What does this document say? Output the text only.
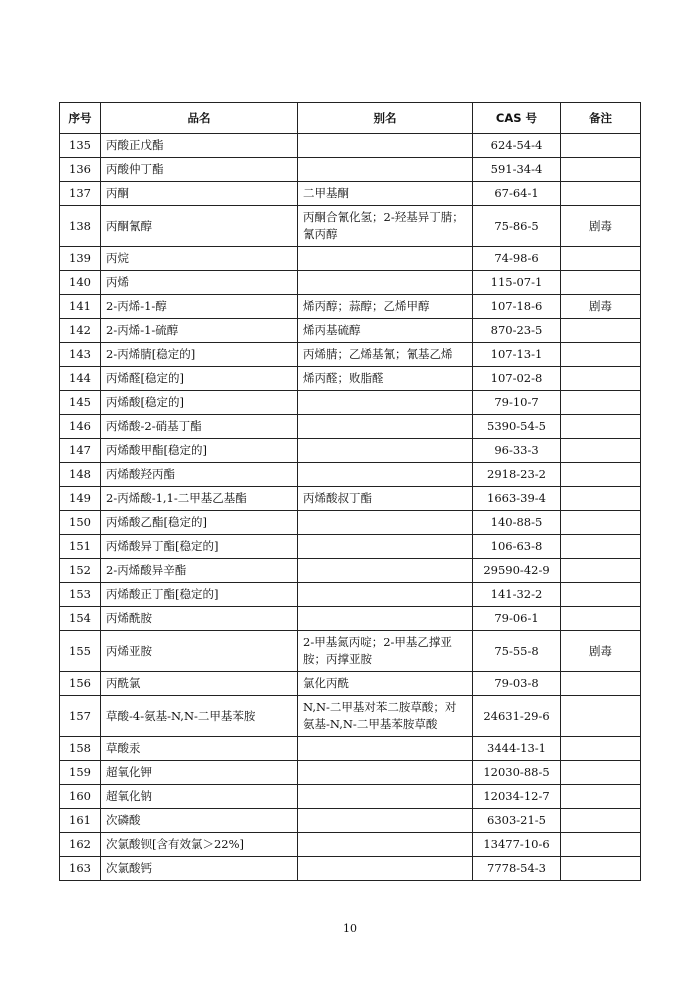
序号	品名	别名	CAS 号	备注
135	丙酸正戊酯		624-54-4	
136	丙酸仲丁酯		591-34-4	
137	丙酮	二甲基酮	67-64-1	
138	丙酮氰醇	丙酮合氰化氢；2-羟基异丁腈；氰丙醇	75-86-5	剧毒
139	丙烷		74-98-6	
140	丙烯		115-07-1	
141	2-丙烯-1-醇	烯丙醇；蒜醇；乙烯甲醇	107-18-6	剧毒
142	2-丙烯-1-硫醇	烯丙基硫醇	870-23-5	
143	2-丙烯腈[稳定的]	丙烯腈；乙烯基氰；氰基乙烯	107-13-1	
144	丙烯醛[稳定的]	烯丙醛；败脂醛	107-02-8	
145	丙烯酸[稳定的]		79-10-7	
146	丙烯酸-2-硝基丁酯		5390-54-5	
147	丙烯酸甲酯[稳定的]		96-33-3	
148	丙烯酸羟丙酯		2918-23-2	
149	2-丙烯酸-1,1-二甲基乙基酯	丙烯酸叔丁酯	1663-39-4	
150	丙烯酸乙酯[稳定的]		140-88-5	
151	丙烯酸异丁酯[稳定的]		106-63-8	
152	2-丙烯酸异辛酯		29590-42-9	
153	丙烯酸正丁酯[稳定的]		141-32-2	
154	丙烯酰胺		79-06-1	
155	丙烯亚胺	2-甲基氮丙啶；2-甲基乙撑亚胺；丙撑亚胺	75-55-8	剧毒
156	丙酰氯	氯化丙酰	79-03-8	
157	草酸-4-氨基-N,N-二甲基苯胺	N,N-二甲基对苯二胺草酸；对氨基-N,N-二甲基苯胺草酸	24631-29-6	
158	草酸汞		3444-13-1	
159	超氧化钾		12030-88-5	
160	超氧化钠		12034-12-7	
161	次磷酸		6303-21-5	
162	次氯酸钡[含有效氯＞22%]		13477-10-6	
163	次氯酸钙		7778-54-3	
10
